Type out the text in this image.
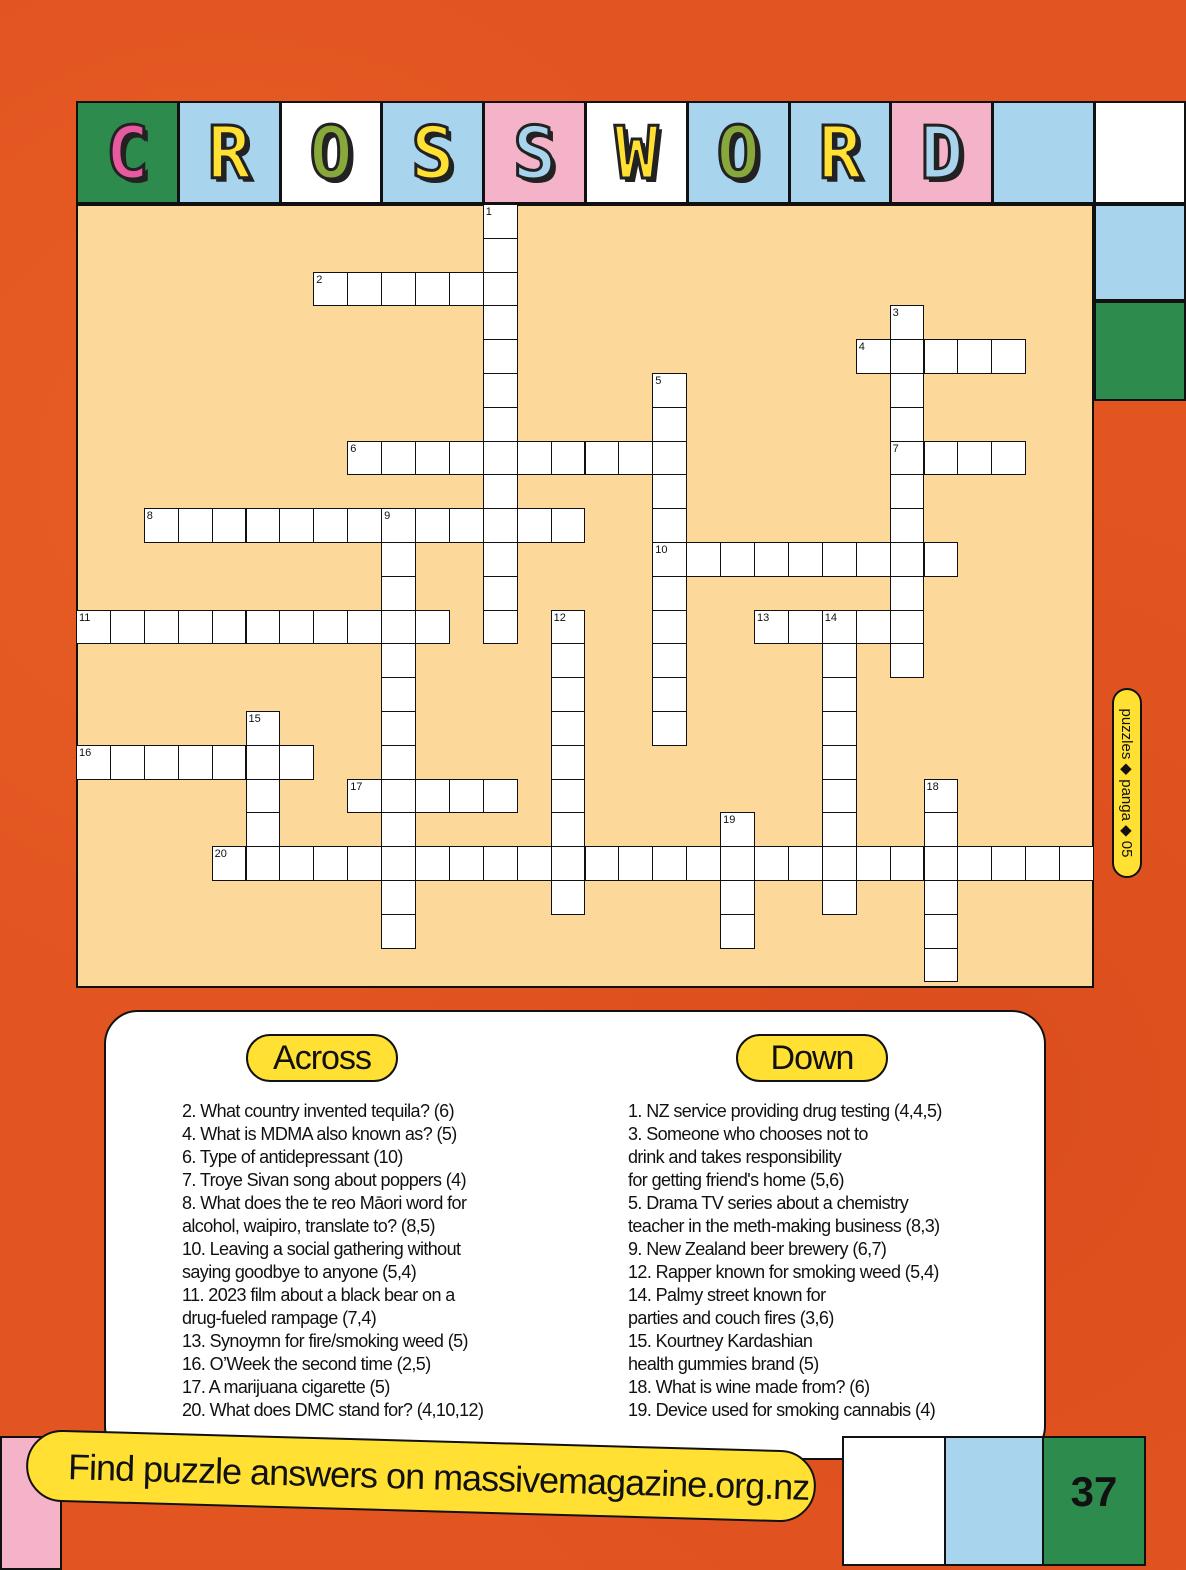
1
2
3
7
4
5
10
6
8	9
11	12	13	14
15
16
17	18
19
20	puzzles ◆ panga ◆ 05
Across	Down
2. What country invented tequila? (6)
4. What is MDMA also known as? (5)
6. Type of antidepressant (10)
7. Troye Sivan song about poppers (4)
8. What does the te reo Māori word for
alcohol, waipiro, translate to? (8,5)
10. Leaving a social gathering without
saying goodbye to anyone (5,4)
11. 2023 film about a black bear on a
drug-fueled rampage (7,4)
13. Synoymn for fire/smoking weed (5)
16. O’Week the second time (2,5)
17. A marijuana cigarette (5)
20. What does DMC stand for? (4,10,12)
1. NZ service providing drug testing (4,4,5)
3. Someone who chooses not to
drink and takes responsibility
for getting friend's home (5,6)
5. Drama TV series about a chemistry
teacher in the meth-making business (8,3)
9. New Zealand beer brewery (6,7)
12. Rapper known for smoking weed (5,4)
14. Palmy street known for
parties and couch fires (3,6)
15. Kourtney Kardashian
health gummies brand (5)
18. What is wine made from? (6)
19. Device used for smoking cannabis (4)
Find puzzle answers on massivemagazine.org.nz	37
C R O S S W O R D
